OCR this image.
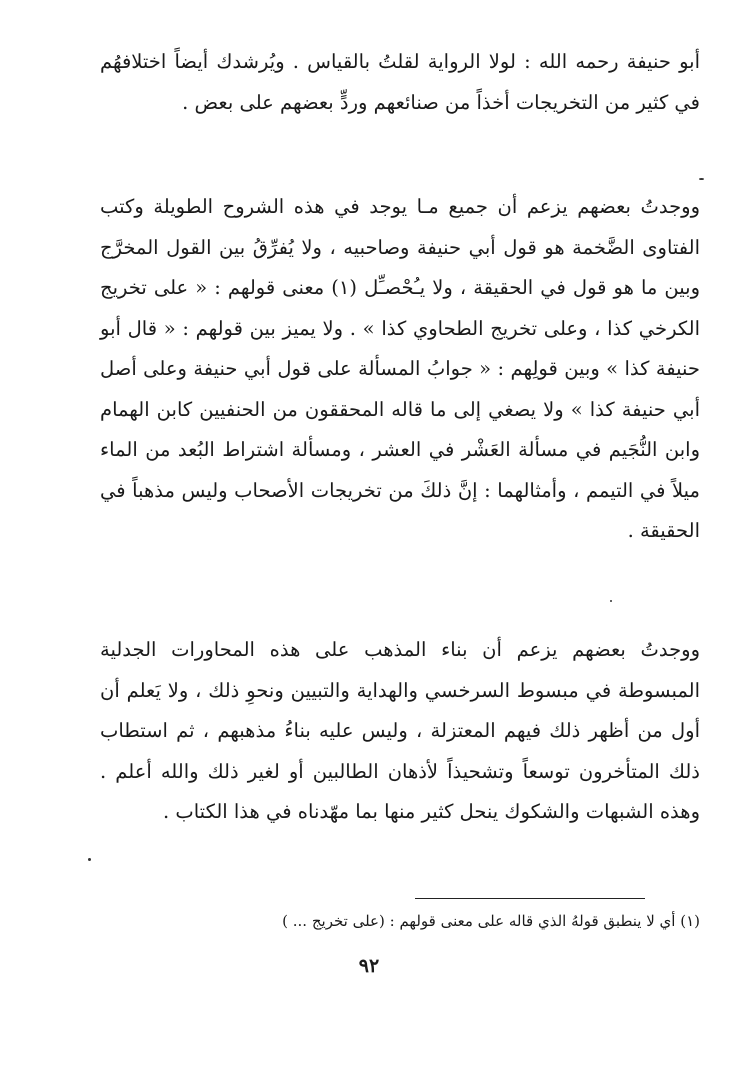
أبو حنيفة رحمه الله : لولا الرواية لقلتُ بالقياس . ويُرشدك أيضاً اختلافهُم في كثير من التخريجات أخذاً من صنائعهم وردٍّ بعضهم على بعض .

ووجدتُ بعضهم يزعم أن جميع مـا يوجد في هذه الشروح الطويلة وكتب الفتاوى الضَّخمة هو قول أبي حنيفة وصاحبيه ، ولا يُفرِّقُ بين القول المخرَّج وبين ما هو قول في الحقيقة ، ولا يـُحْصـِّل (١) معنى قولهم : « على تخريج الكرخي كذا ، وعلى تخريج الطحاوي كذا » . ولا يميز بين قولهم : « قال أبو حنيفة كذا » وبين قولِهم : « جوابُ المسألة على قول أبي حنيفة وعلى أصل أبي حنيفة كذا » ولا يصغي إلى ما قاله المحققون من الحنفيين كابن الهمام وابن النُّجَيم في مسألة العَشْر في العشر ، ومسألة اشتراط البُعد من الماء ميلاً في التيمم ، وأمثالهما : إنَّ ذلكَ من تخريجات الأصحاب وليس مذهباً في الحقيقة .

ووجدتُ بعضهم يزعم أن بناء المذهب على هذه المحاورات الجدلية المبسوطة في مبسوط السرخسي والهداية والتبيين ونحوِ ذلك ، ولا يَعلم أن أول من أظهر ذلك فيهم المعتزلة ، وليس عليه بناءُ مذهبهم ، ثم استطاب ذلك المتأخرون توسعاً وتشحيذاً لأذهان الطالبين أو لغير ذلك والله أعلم . وهذه الشبهات والشكوك ينحل كثير منها بما مهّدناه في هذا الكتاب .

(١) أي لا ينطبق قولهُ الذي قاله على معنى قولهم : (على تخريج ... )

٩٢
